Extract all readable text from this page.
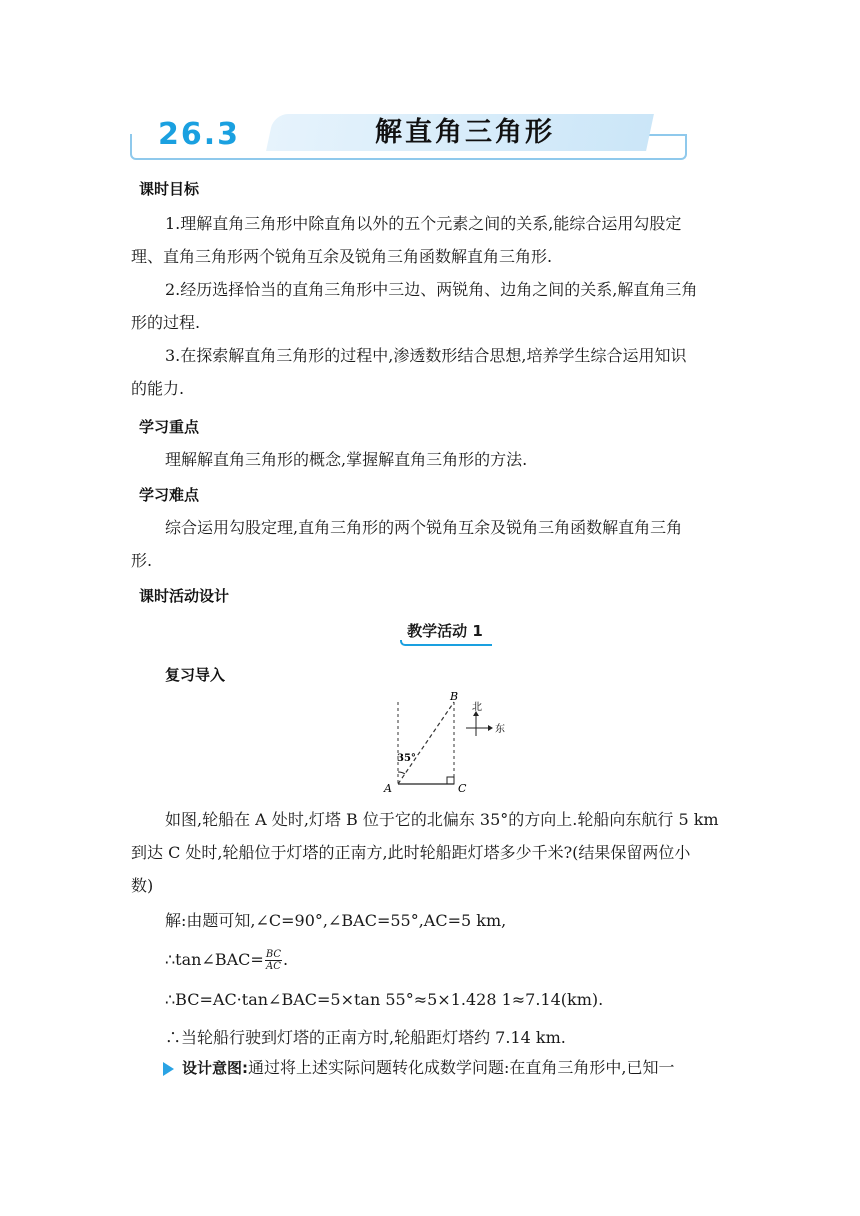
26.3	解直角三角形
课时目标
1.理解直角三角形中除直角以外的五个元素之间的关系,能综合运用勾股定
理、直角三角形两个锐角互余及锐角三角函数解直角三角形.
2.经历选择恰当的直角三角形中三边、两锐角、边角之间的关系,解直角三角
形的过程.
3.在探索解直角三角形的过程中,渗透数形结合思想,培养学生综合运用知识
的能力.
学习重点
理解解直角三角形的概念,掌握解直角三角形的方法.
学习难点
综合运用勾股定理,直角三角形的两个锐角互余及锐角三角函数解直角三角
形.
课时活动设计
教学活动 1
复习导入
35°
A	C
B
北
东
如图,轮船在 A 处时,灯塔 B 位于它的北偏东 35°的方向上.轮船向东航行 5 km
到达 C 处时,轮船位于灯塔的正南方,此时轮船距灯塔多少千米?(结果保留两位小
数)
解:由题可知,∠C=90°,∠BAC=55°,AC=5 km,
∴tan∠BAC= $\frac{BC}{AC}$ .
∴BC=AC·tan∠BAC=5×tan 55°≈5×1.428 1≈7.14(km).
∴当轮船行驶到灯塔的正南方时,轮船距灯塔约 7.14 km.
设计意图:通过将上述实际问题转化成数学问题:在直角三角形中,已知一
